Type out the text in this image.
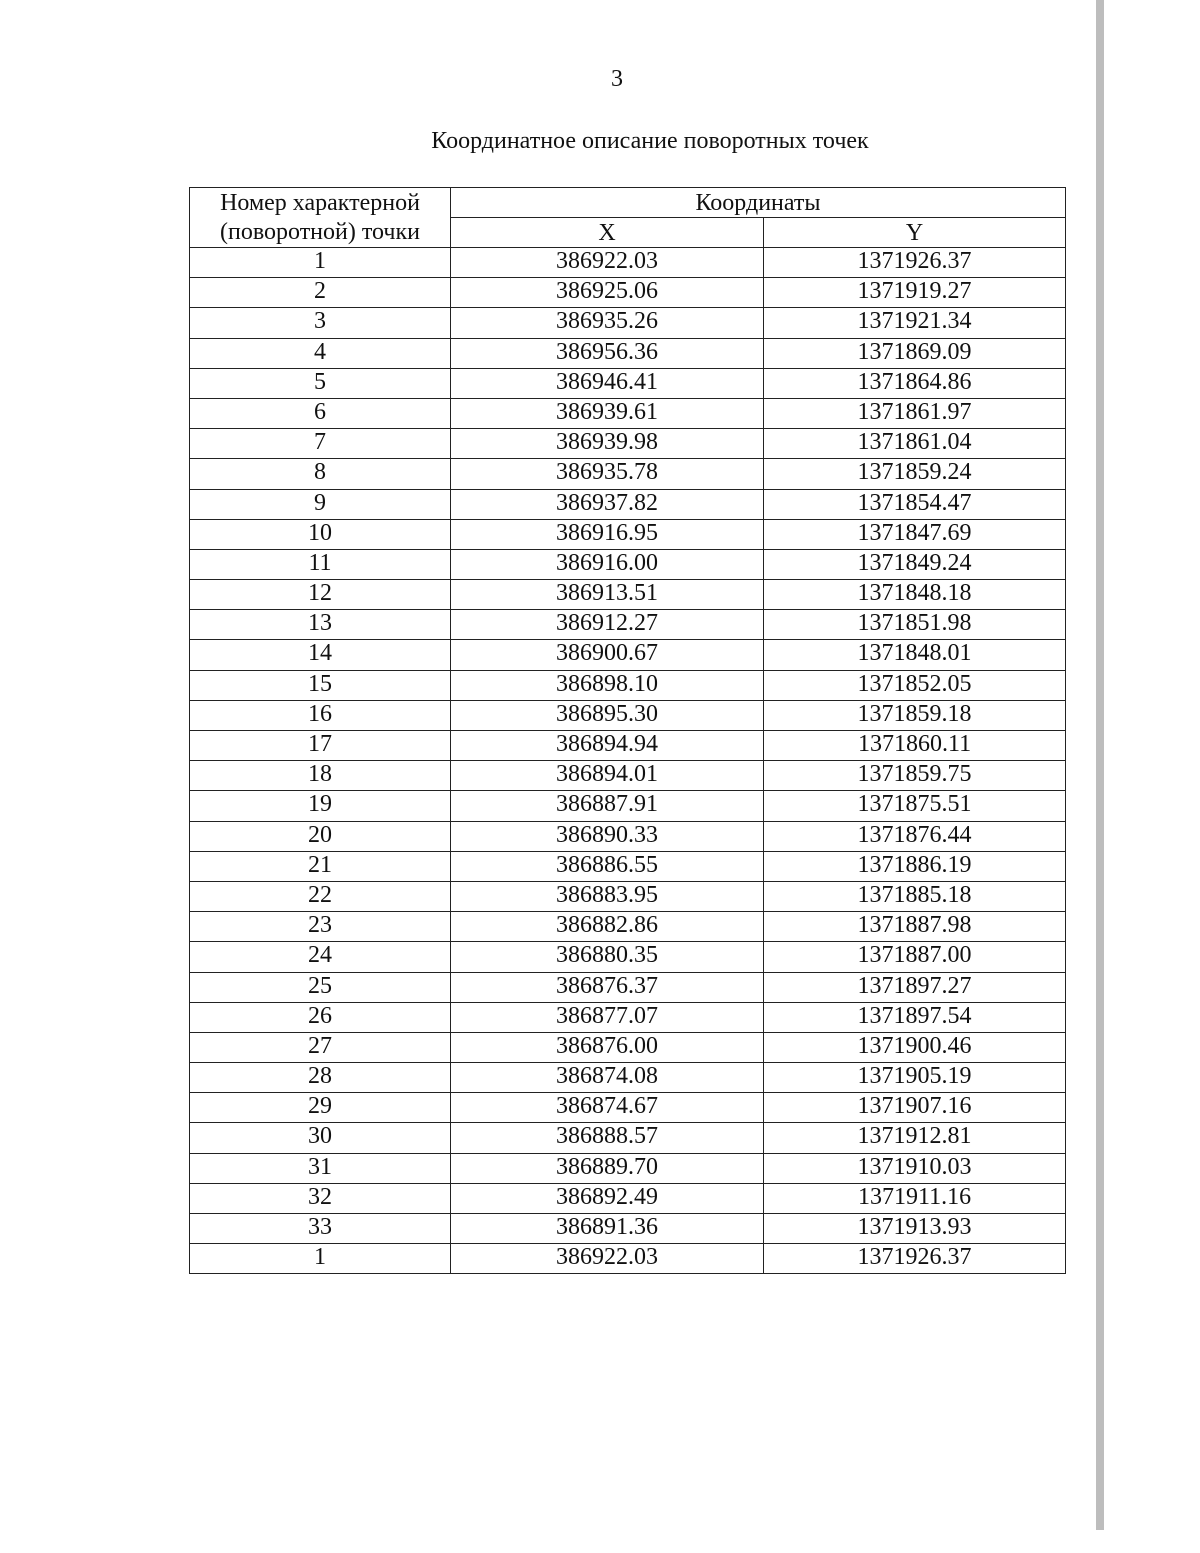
3
Координатное описание поворотных точек
Номер характерной
(поворотной) точки	Координаты	
	X	Y
1	386922.03	1371926.37
2	386925.06	1371919.27
3	386935.26	1371921.34
4	386956.36	1371869.09
5	386946.41	1371864.86
6	386939.61	1371861.97
7	386939.98	1371861.04
8	386935.78	1371859.24
9	386937.82	1371854.47
10	386916.95	1371847.69
11	386916.00	1371849.24
12	386913.51	1371848.18
13	386912.27	1371851.98
14	386900.67	1371848.01
15	386898.10	1371852.05
16	386895.30	1371859.18
17	386894.94	1371860.11
18	386894.01	1371859.75
19	386887.91	1371875.51
20	386890.33	1371876.44
21	386886.55	1371886.19
22	386883.95	1371885.18
23	386882.86	1371887.98
24	386880.35	1371887.00
25	386876.37	1371897.27
26	386877.07	1371897.54
27	386876.00	1371900.46
28	386874.08	1371905.19
29	386874.67	1371907.16
30	386888.57	1371912.81
31	386889.70	1371910.03
32	386892.49	1371911.16
33	386891.36	1371913.93
1	386922.03	1371926.37
